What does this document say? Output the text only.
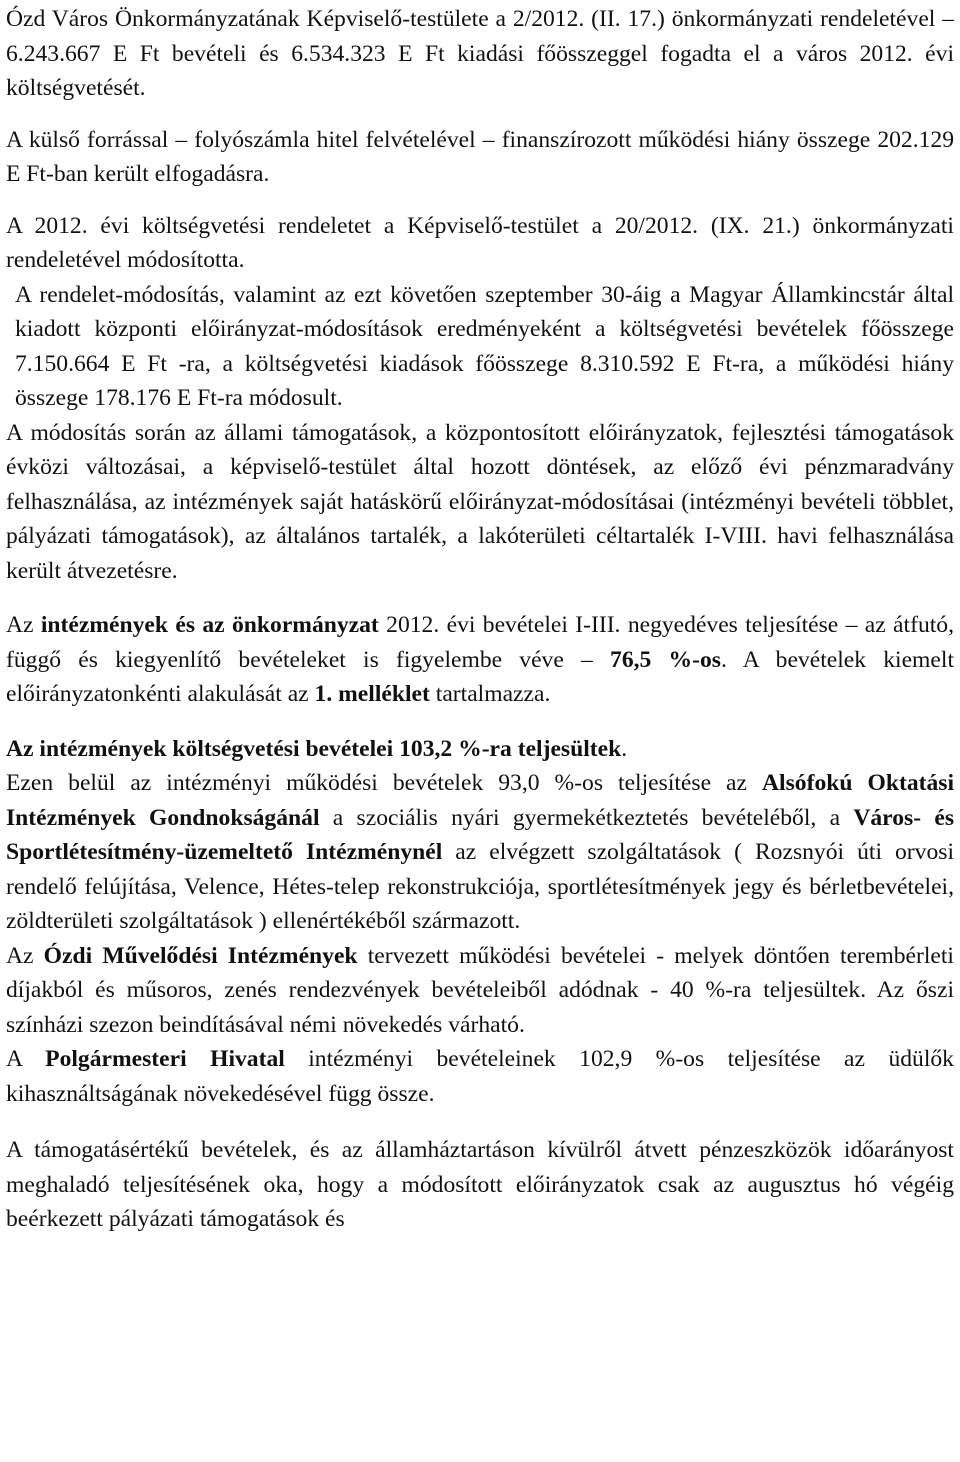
Ózd Város Önkormányzatának Képviselő-testülete a 2/2012. (II. 17.) önkormányzati rendeletével – 6.243.667 E Ft bevételi és 6.534.323 E Ft kiadási főösszeggel fogadta el a város 2012. évi költségvetését.

A külső forrással – folyószámla hitel felvételével – finanszírozott működési hiány összege 202.129 E Ft-ban került elfogadásra.

A 2012. évi költségvetési rendeletet a Képviselő-testület a 20/2012. (IX. 21.) önkormányzati rendeletével módosította.

A rendelet-módosítás, valamint az ezt követően szeptember 30-áig a Magyar Államkincstár által kiadott központi előirányzat-módosítások eredményeként a költségvetési bevételek főösszege 7.150.664 E Ft -ra, a költségvetési kiadások főösszege 8.310.592 E Ft-ra, a működési hiány összege 178.176 E Ft-ra módosult.

A módosítás során az állami támogatások, a központosított előirányzatok, fejlesztési támogatások évközi változásai, a képviselő-testület által hozott döntések, az előző évi pénzmaradvány felhasználása, az intézmények saját hatáskörű előirányzat-módosításai (intézményi bevételi többlet, pályázati támogatások), az általános tartalék, a lakóterületi céltartalék I-VIII. havi felhasználása került átvezetésre.

Az intézmények és az önkormányzat 2012. évi bevételei I-III. negyedéves teljesítése – az átfutó, függő és kiegyenlítő bevételeket is figyelembe véve – 76,5 %-os. A bevételek kiemelt előirányzatonkénti alakulását az 1. melléklet tartalmazza.

Az intézmények költségvetési bevételei 103,2 %-ra teljesültek.

Ezen belül az intézményi működési bevételek 93,0 %-os teljesítése az Alsófokú Oktatási Intézmények Gondnokságánál a szociális nyári gyermekétkeztetés bevételéből, a Város- és Sportlétesítmény-üzemeltető Intézménynél az elvégzett szolgáltatások ( Rozsnyói úti orvosi rendelő felújítása, Velence, Hétes-telep rekonstrukciója, sportlétesítmények jegy és bérletbevételei, zöldterületi szolgáltatások ) ellenértékéből származott.

Az Ózdi Művelődési Intézmények tervezett működési bevételei - melyek döntően terembérleti díjakból és műsoros, zenés rendezvények bevételeiből adódnak - 40 %-ra teljesültek. Az őszi színházi szezon beindításával némi növekedés várható.

A Polgármesteri Hivatal intézményi bevételeinek 102,9 %-os teljesítése az üdülők kihasználtságának növekedésével függ össze.

A támogatásértékű bevételek, és az államháztartáson kívülről átvett pénzeszközök időarányost meghaladó teljesítésének oka, hogy a módosított előirányzatok csak az augusztus hó végéig beérkezett pályázati támogatások és
